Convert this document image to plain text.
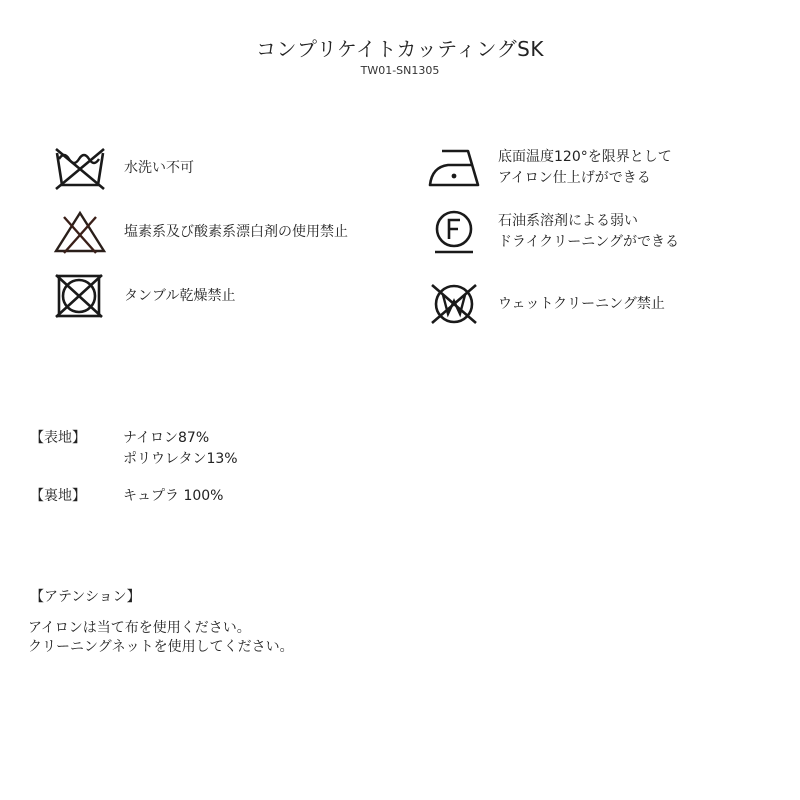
コンプリケイトカッティングSK
TW01-SN1305
水洗い不可
塩素系及び酸素系漂白剤の使用禁止
タンブル乾燥禁止
底面温度120°を限界として
アイロン仕上げができる
石油系溶剤による弱い
ドライクリーニングができる
ウェットクリーニング禁止
【表地】	ナイロン87%
ポリウレタン13%
【裏地】	キュプラ 100%
【アテンション】
アイロンは当て布を使用ください。
クリーニングネットを使用してください。
